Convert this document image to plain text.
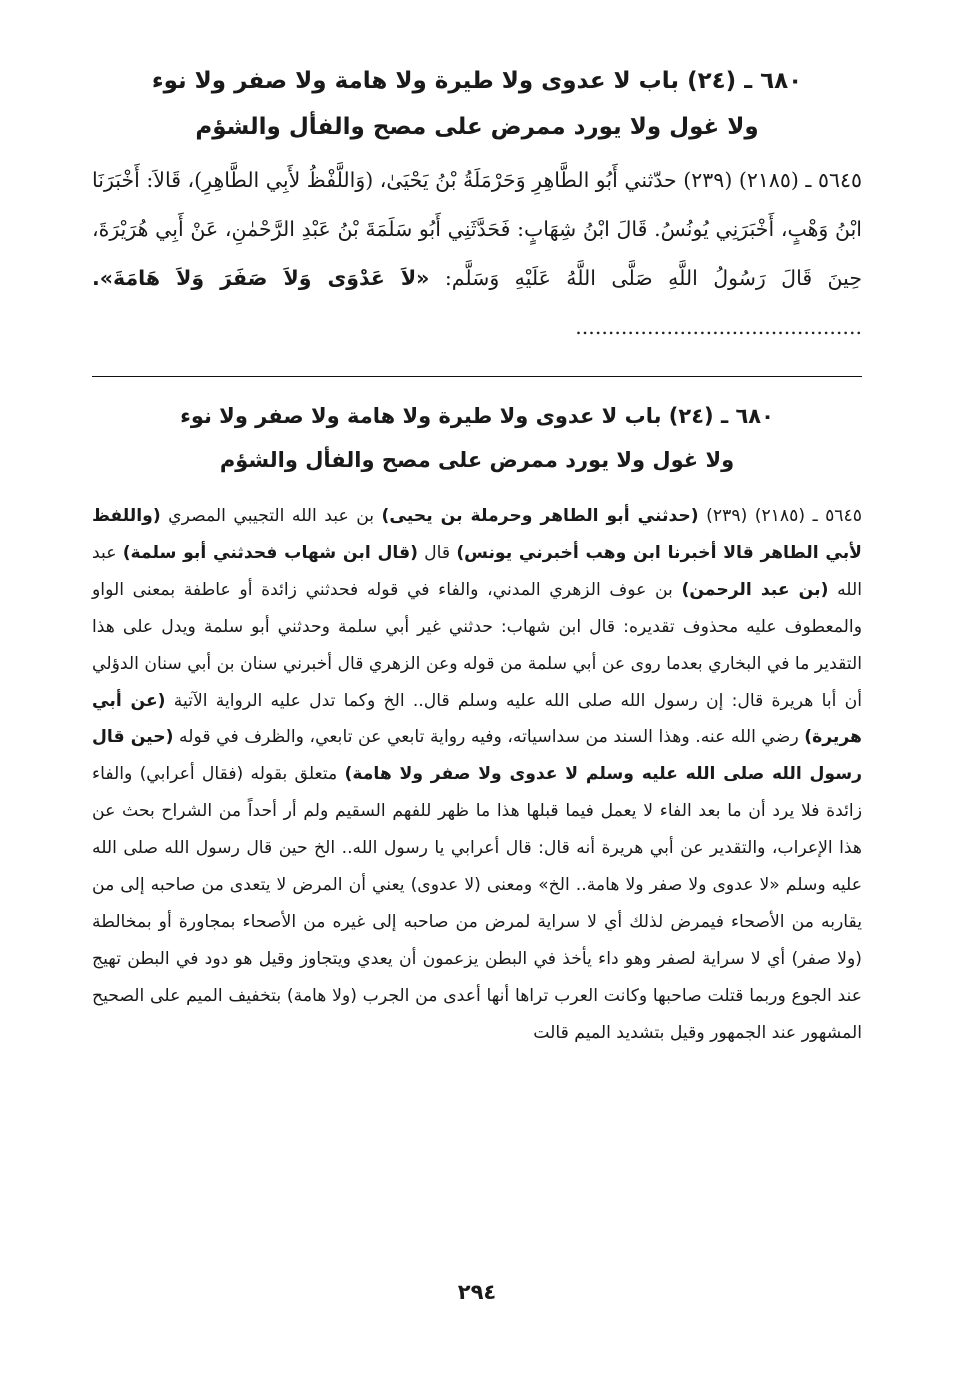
٦٨٠ ـ (٢٤) باب لا عدوى ولا طيرة ولا هامة ولا صفر ولا نوء
ولا غول ولا يورد ممرض على مصح والفأل والشؤم

٥٦٤٥ ـ (٢١٨٥) (٢٣٩) حدّثني أَبُو الطَّاهِرِ وَحَرْمَلَةُ بْنُ يَحْيَىٰ، (وَاللَّفْظُ لأَبِي الطَّاهِرِ)، قَالاَ: أَخْبَرَنَا ابْنُ وَهْبٍ، أَخْبَرَنِي يُونُسُ. قَالَ ابْنُ شِهَابٍ: فَحَدَّثَنِي أَبُو سَلَمَةَ بْنُ عَبْدِ الرَّحْمٰنِ، عَنْ أَبِي هُرَيْرَةَ، حِينَ قَالَ رَسُولُ اللَّهِ صَلَّى اللَّهُ عَلَيْهِ وَسَلَّم: «لاَ عَدْوَى وَلاَ صَفَرَ وَلاَ هَامَةَ». ............................................

٦٨٠ ـ (٢٤) باب لا عدوى ولا طيرة ولا هامة ولا صفر ولا نوء
ولا غول ولا يورد ممرض على مصح والفأل والشؤم

٥٦٤٥ ـ (٢١٨٥) (٢٣٩) (حدثني أبو الطاهر وحرملة بن يحيى) بن عبد الله التجيبي المصري (واللفظ لأبي الطاهر قالا أخبرنا ابن وهب أخبرني يونس) قال (قال ابن شهاب فحدثني أبو سلمة) عبد الله (بن عبد الرحمن) بن عوف الزهري المدني، والفاء في قوله فحدثني زائدة أو عاطفة بمعنى الواو والمعطوف عليه محذوف تقديره: قال ابن شهاب: حدثني غير أبي سلمة وحدثني أبو سلمة ويدل على هذا التقدير ما في البخاري بعدما روى عن أبي سلمة من قوله وعن الزهري قال أخبرني سنان بن أبي سنان الدؤلي أن أبا هريرة قال: إن رسول الله صلى الله عليه وسلم قال.. الخ وكما تدل عليه الرواية الآتية (عن أبي هريرة) رضي الله عنه. وهذا السند من سداسياته، وفيه رواية تابعي عن تابعي، والظرف في قوله (حين قال رسول الله صلى الله عليه وسلم لا عدوى ولا صفر ولا هامة) متعلق بقوله (فقال أعرابي) والفاء زائدة فلا يرد أن ما بعد الفاء لا يعمل فيما قبلها هذا ما ظهر للفهم السقيم ولم أر أحداً من الشراح بحث عن هذا الإعراب، والتقدير عن أبي هريرة أنه قال: قال أعرابي يا رسول الله.. الخ حين قال رسول الله صلى الله عليه وسلم «لا عدوى ولا صفر ولا هامة.. الخ» ومعنى (لا عدوى) يعني أن المرض لا يتعدى من صاحبه إلى من يقاربه من الأصحاء فيمرض لذلك أي لا سراية لمرض من صاحبه إلى غيره من الأصحاء بمجاورة أو بمخالطة (ولا صفر) أي لا سراية لصفر وهو داء يأخذ في البطن يزعمون أن يعدي ويتجاوز وقيل هو دود في البطن تهيج عند الجوع وربما قتلت صاحبها وكانت العرب تراها أنها أعدى من الجرب (ولا هامة) بتخفيف الميم على الصحيح المشهور عند الجمهور وقيل بتشديد الميم قالت

٢٩٤
